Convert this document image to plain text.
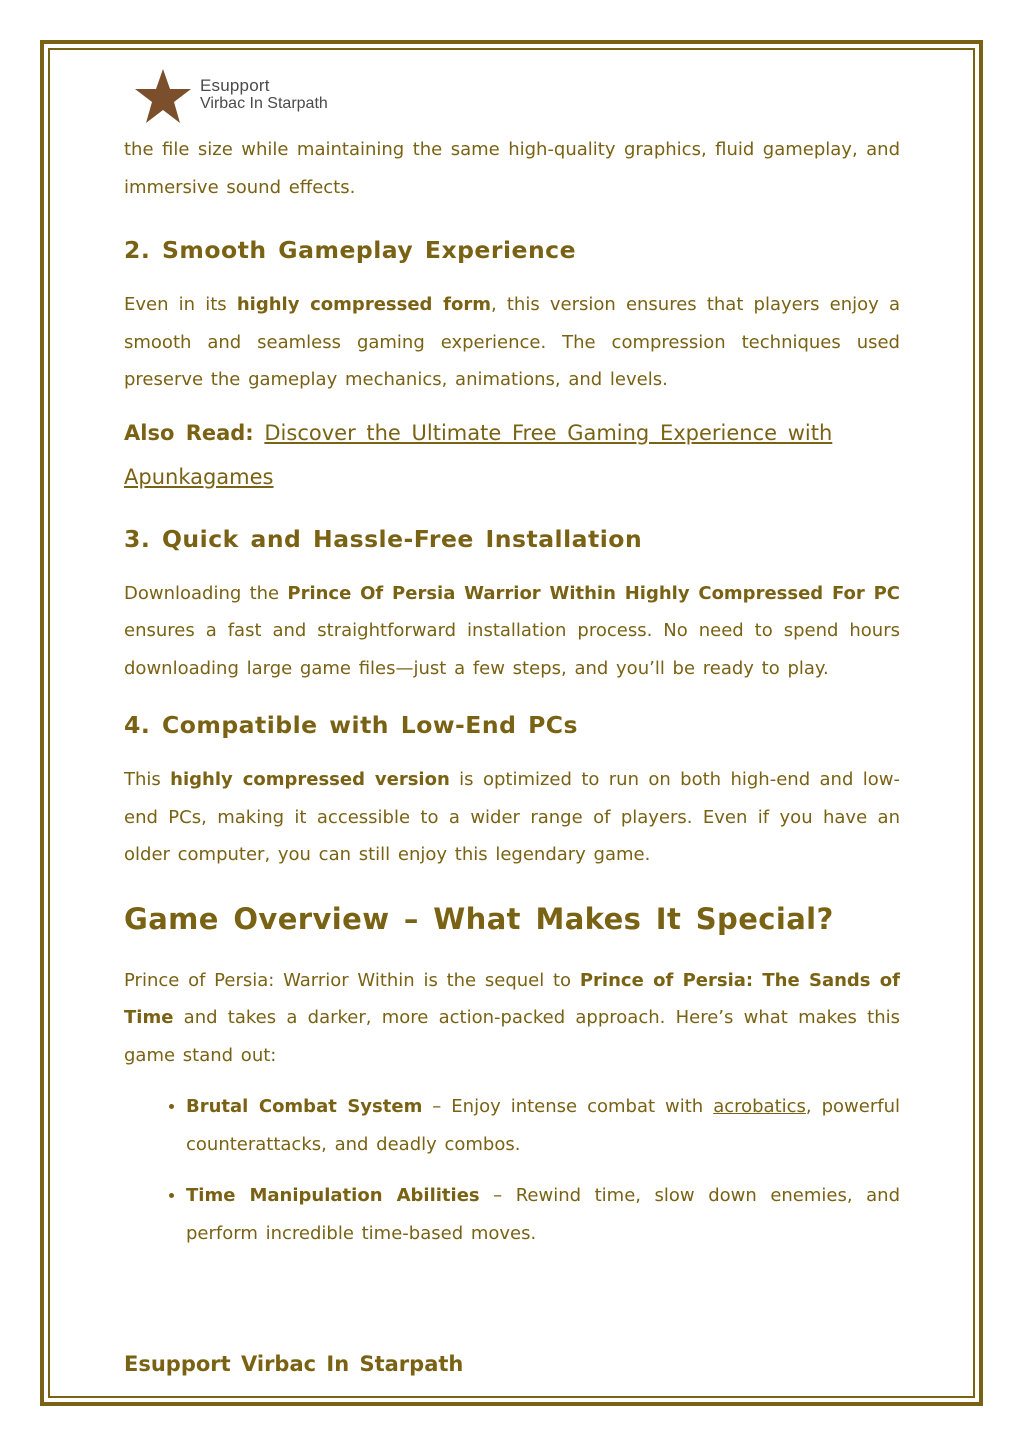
Esupport
Virbac In Starpath

the file size while maintaining the same high-quality graphics, fluid gameplay, and immersive sound effects.

2. Smooth Gameplay Experience

Even in its highly compressed form, this version ensures that players enjoy a smooth and seamless gaming experience. The compression techniques used preserve the gameplay mechanics, animations, and levels.

Also Read: Discover the Ultimate Free Gaming Experience with Apunkagames
3. Quick and Hassle-Free Installation

Downloading the Prince Of Persia Warrior Within Highly Compressed For PC ensures a fast and straightforward installation process. No need to spend hours downloading large game files—just a few steps, and you’ll be ready to play.

4. Compatible with Low-End PCs

This highly compressed version is optimized to run on both high-end and low-end PCs, making it accessible to a wider range of players. Even if you have an older computer, you can still enjoy this legendary game.

Game Overview – What Makes It Special?

Prince of Persia: Warrior Within is the sequel to Prince of Persia: The Sands of Time and takes a darker, more action-packed approach. Here’s what makes this game stand out:

• Brutal Combat System – Enjoy intense combat with acrobatics, powerful counterattacks, and deadly combos.
• Time Manipulation Abilities – Rewind time, slow down enemies, and perform incredible time-based moves.
Esupport Virbac In Starpath
